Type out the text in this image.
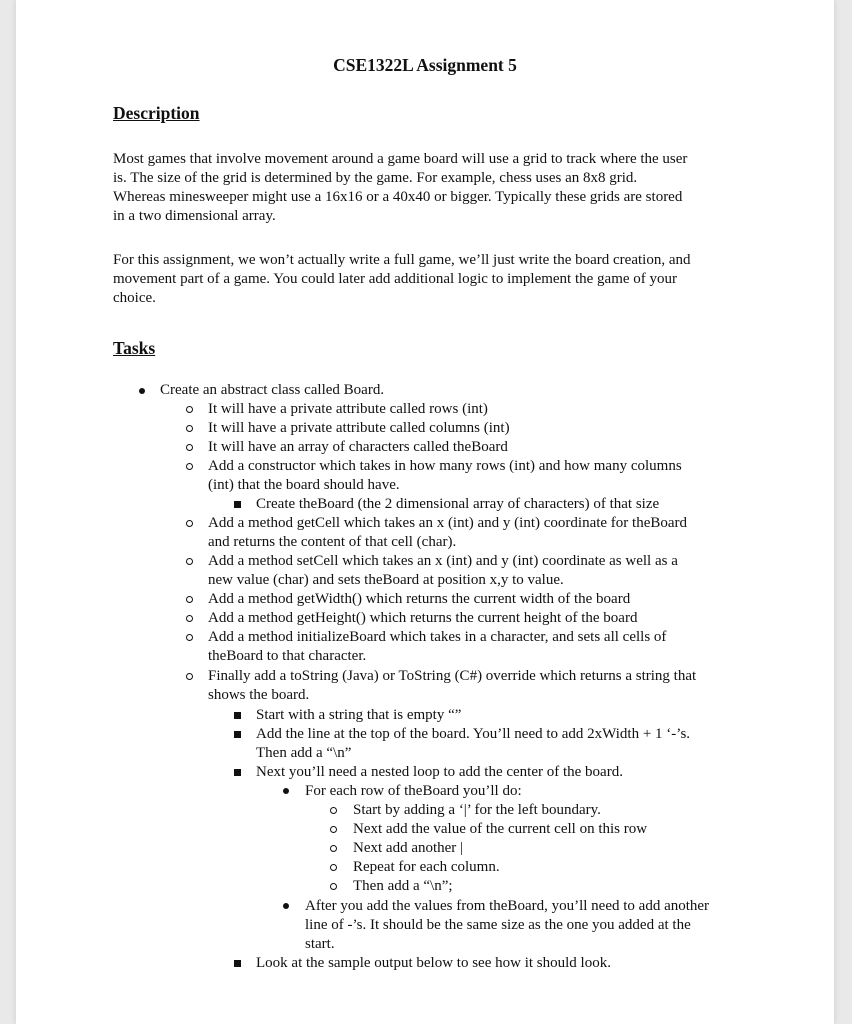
CSE1322L Assignment 5
Description
Most games that involve movement around a game board will use a grid to track where the user
is. The size of the grid is determined by the game. For example, chess uses an 8x8 grid.
Whereas minesweeper might use a 16x16 or a 40x40 or bigger. Typically these grids are stored
in a two dimensional array.
For this assignment, we won’t actually write a full game, we’ll just write the board creation, and
movement part of a game. You could later add additional logic to implement the game of your
choice.
Tasks
Create an abstract class called Board.
It will have a private attribute called rows (int)
It will have a private attribute called columns (int)
It will have an array of characters called theBoard
Add a constructor which takes in how many rows (int) and how many columns
(int) that the board should have.
Create theBoard (the 2 dimensional array of characters) of that size
Add a method getCell which takes an x (int) and y (int) coordinate for theBoard
and returns the content of that cell (char).
Add a method setCell which takes an x (int) and y (int) coordinate as well as a
new value (char) and sets theBoard at position x,y to value.
Add a method getWidth() which returns the current width of the board
Add a method getHeight() which returns the current height of the board
Add a method initializeBoard which takes in a character, and sets all cells of
theBoard to that character.
Finally add a toString (Java) or ToString (C#) override which returns a string that
shows the board.
Start with a string that is empty “”
Add the line at the top of the board. You’ll need to add 2xWidth + 1 ‘-’s.
Then add a “\n”
Next you’ll need a nested loop to add the center of the board.
For each row of theBoard you’ll do:
Start by adding a ‘|’ for the left boundary.
Next add the value of the current cell on this row
Next add another |
Repeat for each column.
Then add a “\n”;
After you add the values from theBoard, you’ll need to add another
line of -’s. It should be the same size as the one you added at the
start.
Look at the sample output below to see how it should look.
